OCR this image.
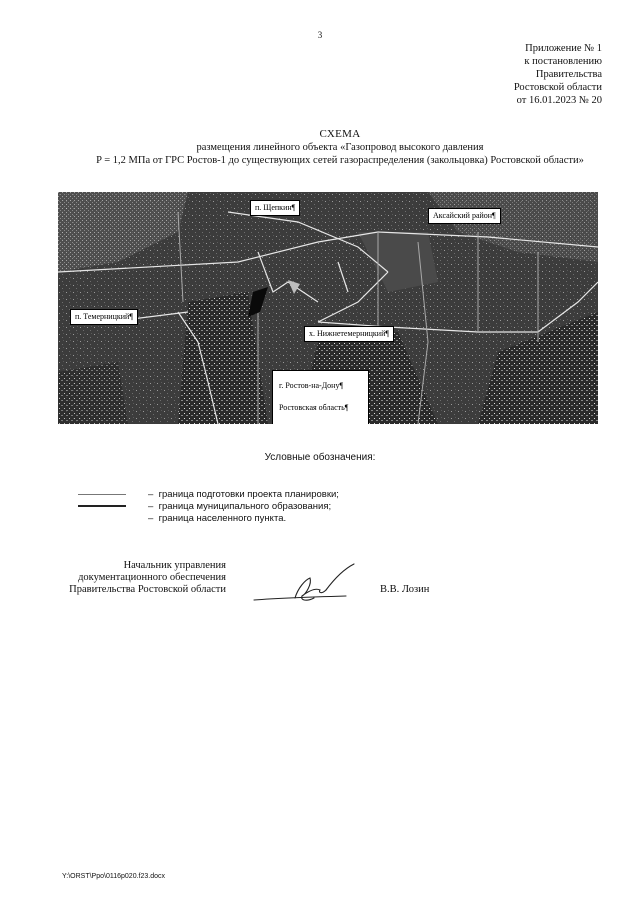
3
Приложение № 1
к постановлению
Правительства
Ростовской области
от 16.01.2023 № 20
СХЕМА
размещения линейного объекта «Газопровод высокого давления
P = 1,2 МПа от ГРС Ростов-1 до существующих сетей газораспределения (закольцовка) Ростовской области»
п. Щепкин¶
Аксайский район¶
п. Темерницкий¶
х. Нижнетемерницкий¶
г. Ростов-на-Дону¶
Ростовская область¶
Условные обозначения:
– граница подготовки проекта планировки;
– граница муниципального образования;
– граница населенного пункта.
Начальник управления
документационного обеспечения
Правительства Ростовской области	В.В. Лозин
Y:\ORST\Ppo\0116p020.f23.docx
